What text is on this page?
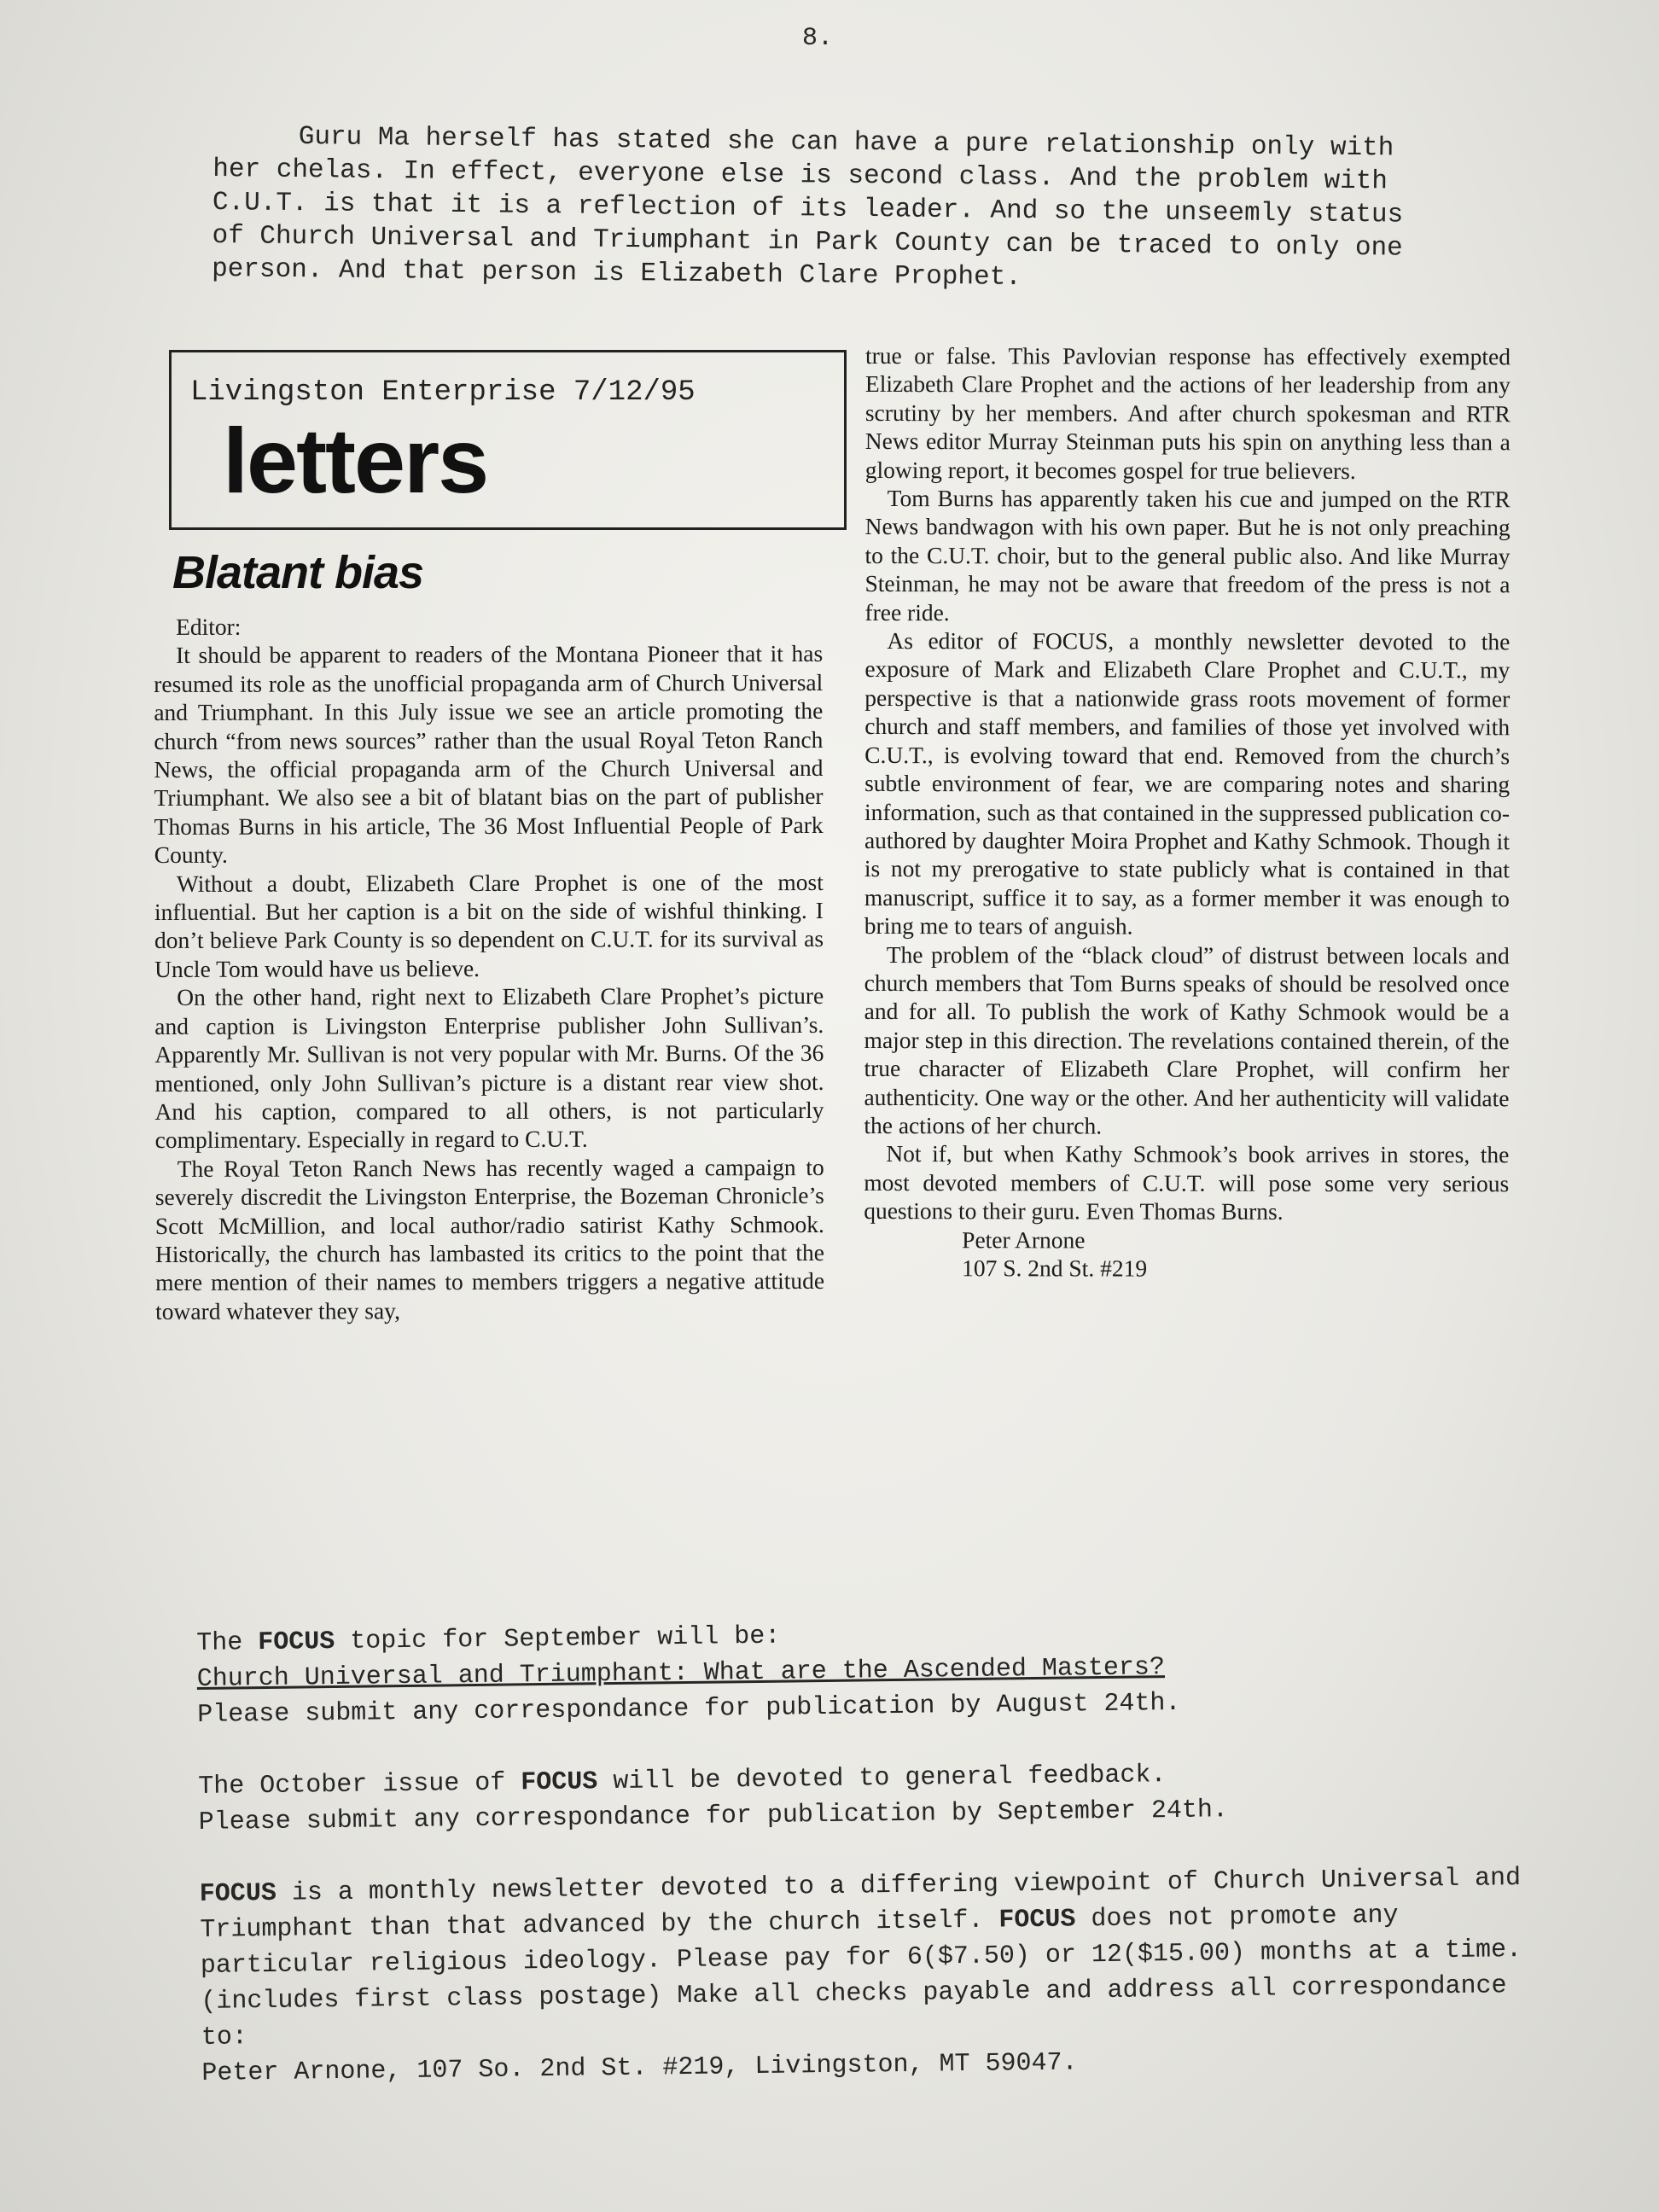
8.

Guru Ma herself has stated she can have a pure relationship only with her chelas. In effect, everyone else is second class. And the problem with C.U.T. is that it is a reflection of its leader. And so the unseemly status of Church Universal and Triumphant in Park County can be traced to only one person. And that person is Elizabeth Clare Prophet.

Livingston Enterprise 7/12/95
letters
Blatant bias

Editor:

It should be apparent to readers of the Montana Pioneer that it has resumed its role as the unofficial propaganda arm of Church Universal and Triumphant. In this July issue we see an article promoting the church “from news sources” rather than the usual Royal Teton Ranch News, the official propaganda arm of the Church Universal and Triumphant. We also see a bit of blatant bias on the part of publisher Thomas Burns in his article, The 36 Most Influential People of Park County.

Without a doubt, Elizabeth Clare Prophet is one of the most influential. But her caption is a bit on the side of wishful thinking. I don’t believe Park County is so dependent on C.U.T. for its survival as Uncle Tom would have us believe.

On the other hand, right next to Elizabeth Clare Prophet’s picture and caption is Livingston Enterprise publisher John Sullivan’s. Apparently Mr. Sullivan is not very popular with Mr. Burns. Of the 36 mentioned, only John Sullivan’s picture is a distant rear view shot. And his caption, compared to all others, is not particularly complimentary. Especially in regard to C.U.T.

The Royal Teton Ranch News has recently waged a campaign to severely discredit the Livingston Enterprise, the Bozeman Chronicle’s Scott McMillion, and local author/radio satirist Kathy Schmook. Historically, the church has lambasted its critics to the point that the mere mention of their names to members triggers a negative attitude toward whatever they say,

true or false. This Pavlovian response has effectively exempted Elizabeth Clare Prophet and the actions of her leadership from any scrutiny by her members. And after church spokesman and RTR News editor Murray Steinman puts his spin on anything less than a glowing report, it becomes gospel for true believers.

Tom Burns has apparently taken his cue and jumped on the RTR News bandwagon with his own paper. But he is not only preaching to the C.U.T. choir, but to the general public also. And like Murray Steinman, he may not be aware that freedom of the press is not a free ride.

As editor of FOCUS, a monthly newsletter devoted to the exposure of Mark and Elizabeth Clare Prophet and C.U.T., my perspective is that a nationwide grass roots movement of former church and staff members, and families of those yet involved with C.U.T., is evolving toward that end. Removed from the church’s subtle environment of fear, we are comparing notes and sharing information, such as that contained in the suppressed publication co-authored by daughter Moira Prophet and Kathy Schmook. Though it is not my prerogative to state publicly what is contained in that manuscript, suffice it to say, as a former member it was enough to bring me to tears of anguish.

The problem of the “black cloud” of distrust between locals and church members that Tom Burns speaks of should be resolved once and for all. To publish the work of Kathy Schmook would be a major step in this direction. The revelations contained therein, of the true character of Elizabeth Clare Prophet, will confirm her authenticity. One way or the other. And her authenticity will validate the actions of her church.

Not if, but when Kathy Schmook’s book arrives in stores, the most devoted members of C.U.T. will pose some very serious questions to their guru. Even Thomas Burns.

Peter Arnone
107 S. 2nd St. #219

The FOCUS topic for September will be:

Church Universal and Triumphant: What are the Ascended Masters?

Please submit any correspondance for publication by August 24th.

The October issue of FOCUS will be devoted to general feedback.

Please submit any correspondance for publication by September 24th.

FOCUS is a monthly newsletter devoted to a differing viewpoint of Church Universal and Triumphant than that advanced by the church itself. FOCUS does not promote any particular religious ideology. Please pay for 6($7.50) or 12($15.00) months at a time. (includes first class postage) Make all checks payable and address all correspondance to:

Peter Arnone, 107 So. 2nd St. #219, Livingston, MT 59047.
